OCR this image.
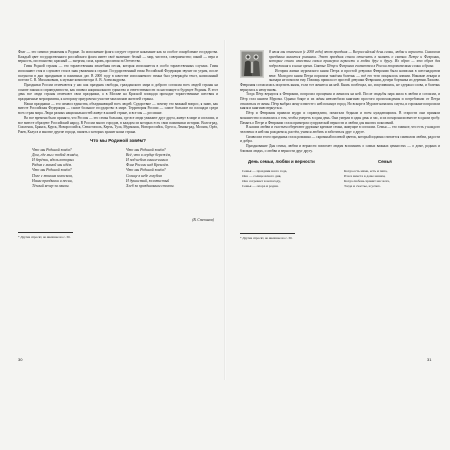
Флаг — это символ уважения к Родине. За исполнение флага следует строгое наказание как за особое оскорбление государства. Каждый цвет государственного российского флага имеет своё значение: белый — мир, чистота, совершенство; синий — вера и верность, постоянство; красный — энергия, сила, кровь, пролитая за Отечество.

Гимн Родной страны — это торжественная хвалебная песня, которая исполняется в особо торжественных случаях. Гимн исполняют стоя и слушают стоя в знак уважения к стране. Государственный гимн Российской Федерации звучит по утрам, после полуночи в дни праздников и памятных дат. В 2000 году в качестве исполняемого гимна был утверждён текст, написанный поэтом С. В. Михалковым, к музыке композитора А. В. Александрова.

Праздники России отмечаются у нас как праздник свободы, гражданского мира и доброго согласия всех людей страны на основе закона и справедливости, как символ национального единства и ответственности за настоящее и будущее Родины. В этот день все люди страны отмечают свои праздники, а в Москве на Красной площади проходят торжественные шествия и праздничные мероприятия, к которому приурочено участие миллионов жителей страны.

Наши праздники — это символ единства, объединяющий всех людей. Сударствие — почему это важный вопрос, я знаю, как вместе Российская Федерация — самое большое государство в мире. Территория России — самое большое по площади среди всех стран мира. Люди разных национальностей живут в нашей стране, и все мы — россияне.

Во все времена было принято, что Россия — это семья большая, где все люди уважают друг друга, живут в мире и согласии, и все вместе образуют Российский народ. В России много городов, в каждом из которых есть свои памятники истории. Волгоград, Смоленск, Брянск, Курск, Новороссийск, Севастополь, Керчь, Тула, Мурманск, Новороссийск, Одесса, Ленинград, Москва, Орёл, Ржев, Калуга и многие другие города, память о которых хранит наша страна.

Что мы Родиной зовём?
Что мы Родиной зовём?
Дом, где мы с тобой живём,
И берёзки, вдоль которых
Рядом с мамой мы идём.
Что мы Родиной зовём?
Поле с тонким колоском,
Наши праздники и песни,
Тёплый вечер за окном.
Что мы Родиной зовём?
Всё, что в сердце бережём,
И под небом синим-синим
Флаг России над Кремлём.
Что мы Родиной зовём?
Солнце в небе голубом
И душистый, золотистый
Хлеб за праздничным столом.
(В. Степанов)
* Другие спросят, но внешнее на с. 30.
30

8 июля мы отмечаем (с 2008 года) этот праздник — Всероссийский день семьи, любви и верности. Символом праздника является ромашка. Этот праздник стали отмечать в память о святых Петре и Февронии, которые стали известны своим примером верности и любви друг к другу. Их образ — это образ для подражания и в наше время. Святые Пётр и Феврония считаются в России покровителями семьи и брака.

История жизни муромского князя Петра и простой девушки Февронии была написана в шестнадцатом веке. Молодого князя Петра поразила тяжёлая болезнь — всё его тело покрылось язвами. Никакие лекари и знахари не помогли ему. Помощь пришла от простой девушки Февронии, дочери бортника из деревни Ласково. Феврония согласилась исцелить князя, если тот женится на ней. Князь пообещал, но, исцелившись, не сдержал слова, и болезнь вернулась к нему вновь.

Тогда Пётр вернулся к Февронии, попросил прощения и женился на ней. После свадьбы пара жила в любви и согласии, и Пётр стал князем Мурома. Однако бояре и их жёны невзлюбили княгиню простого происхождения и потребовали от Петра отказаться от жены. Пётр выбрал жену и вместе с ней покинул город. Но вскоре в Муроме начались смуты, и горожане попросили князя и княгиню вернуться.

Пётр и Феврония правили мудро и справедливо, помогали бедным и всем нуждающимся. В старости они приняли монашество и молились о том, чтобы умереть в один день. Они умерли в один день и час, и их похоронили вместе в одном гробу. Память о Петре и Февронии стала примером супружеской верности и любви для многих поколений.

В наших любви и счастьем оберегают дружные крепкие семьи, живущие в согласии. Семья — это главное, что есть у каждого человека: в ней мы рождаемся, растём, учимся любить и заботиться друг о друге.

Символом этого праздника стала ромашка — скромный полевой цветок, который издавна считается символом любви, радости и добра.

Празднование Дня семьи, любви и верности помогает людям вспомнить о самых важных ценностях — о доме, родных и близких людях, о любви и верности друг другу.

День семьи, любви и верности
Семья — праздник всего года,
Она — солнце ясного дня,
Она согревает в непогоду,
Семья — опора и родня.
Семья
Когда есть мама, есть и папа,
И все вместе в доме нашем,
Когда любовь хранит нас всех,
Тогда и счастье, и успех.
* Другие спросят, но внешнее на с. 30.
31
